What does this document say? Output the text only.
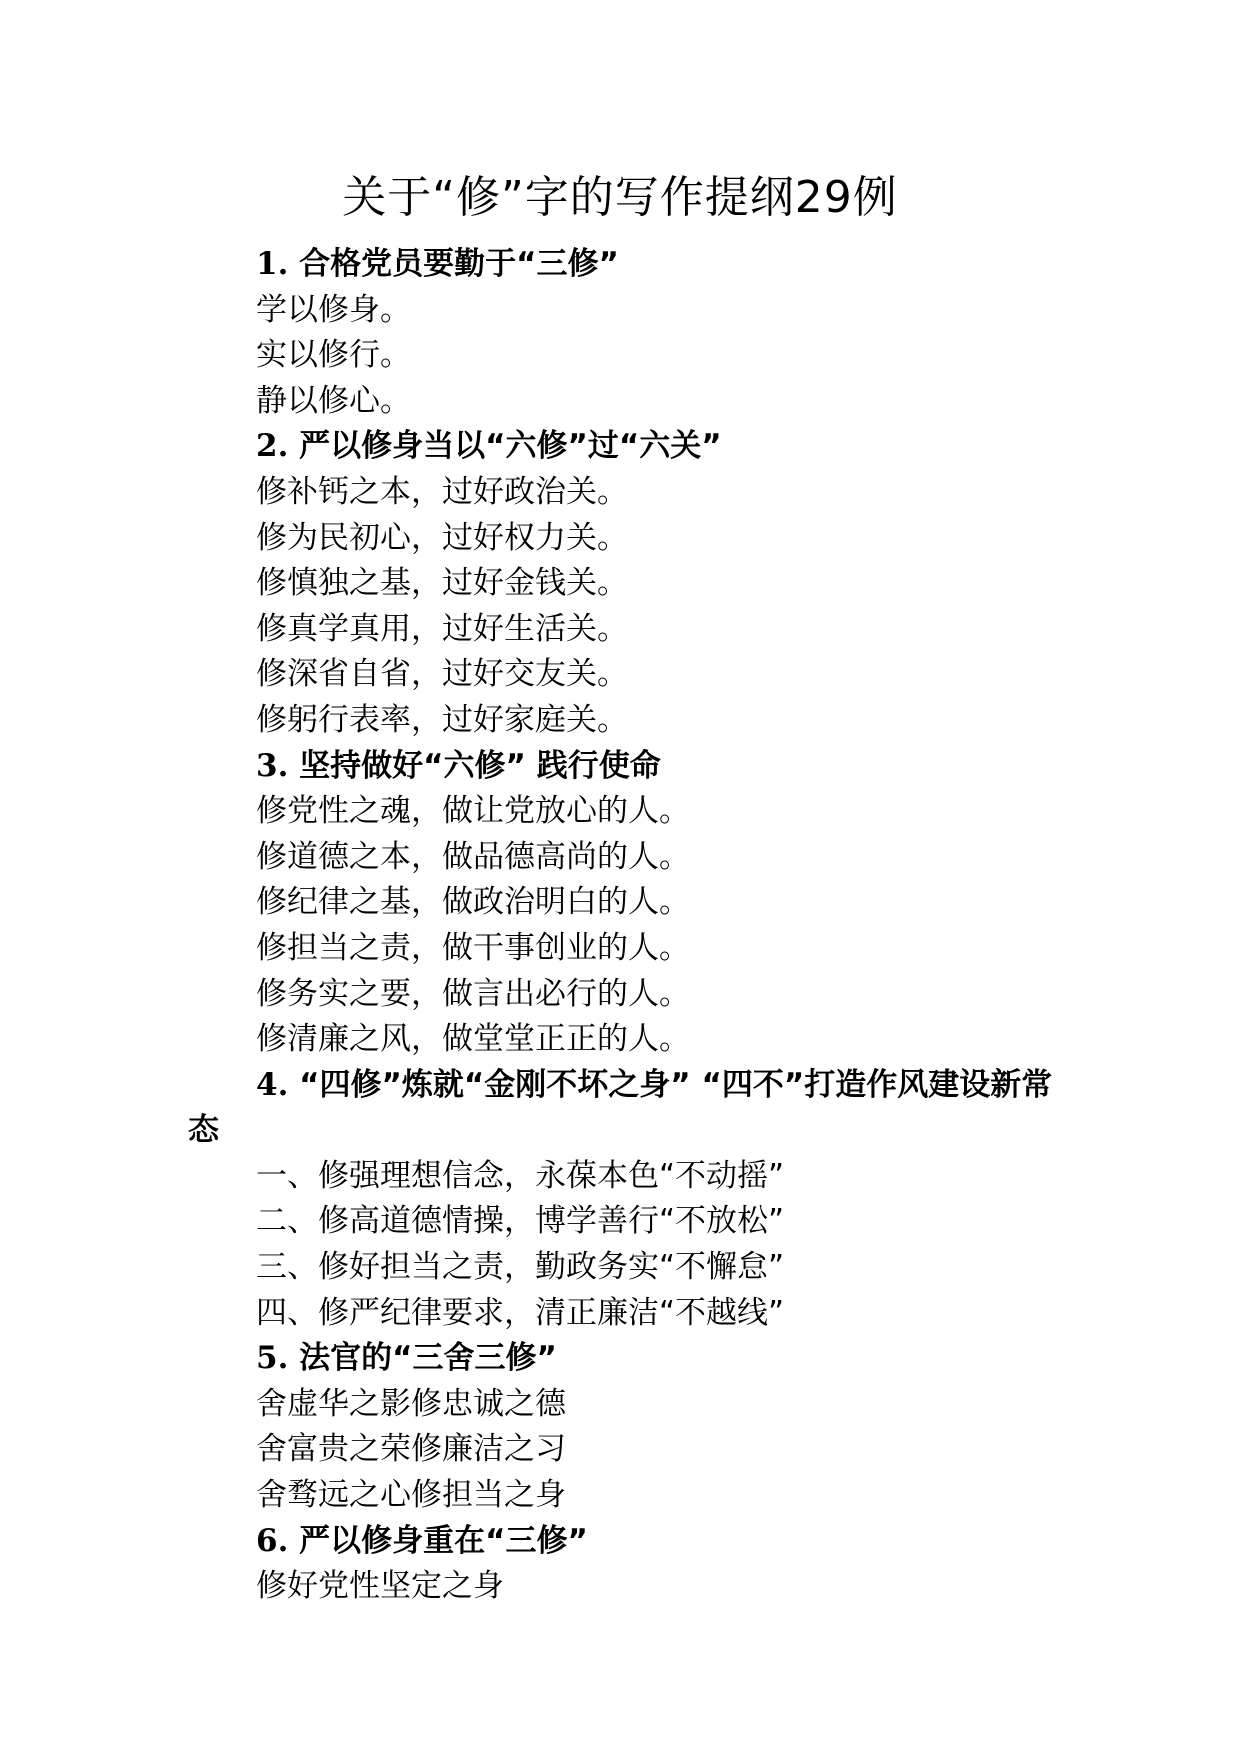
关于“修”字的写作提纲29例
1. 合格党员要勤于“三修”
学以修身。
实以修行。
静以修心。
2. 严以修身当以“六修”过“六关”
修补钙之本，过好政治关。
修为民初心，过好权力关。
修慎独之基，过好金钱关。
修真学真用，过好生活关。
修深省自省，过好交友关。
修躬行表率，过好家庭关。
3. 坚持做好“六修” 践行使命
修党性之魂，做让党放心的人。
修道德之本，做品德高尚的人。
修纪律之基，做政治明白的人。
修担当之责，做干事创业的人。
修务实之要，做言出必行的人。
修清廉之风，做堂堂正正的人。
4. “四修”炼就“金刚不坏之身” “四不”打造作风建设新常态
一、修强理想信念，永葆本色“不动摇”
二、修高道德情操，博学善行“不放松”
三、修好担当之责，勤政务实“不懈怠”
四、修严纪律要求，清正廉洁“不越线”
5. 法官的“三舍三修”
舍虚华之影修忠诚之德
舍富贵之荣修廉洁之习
舍骛远之心修担当之身
6. 严以修身重在“三修”
修好党性坚定之身
